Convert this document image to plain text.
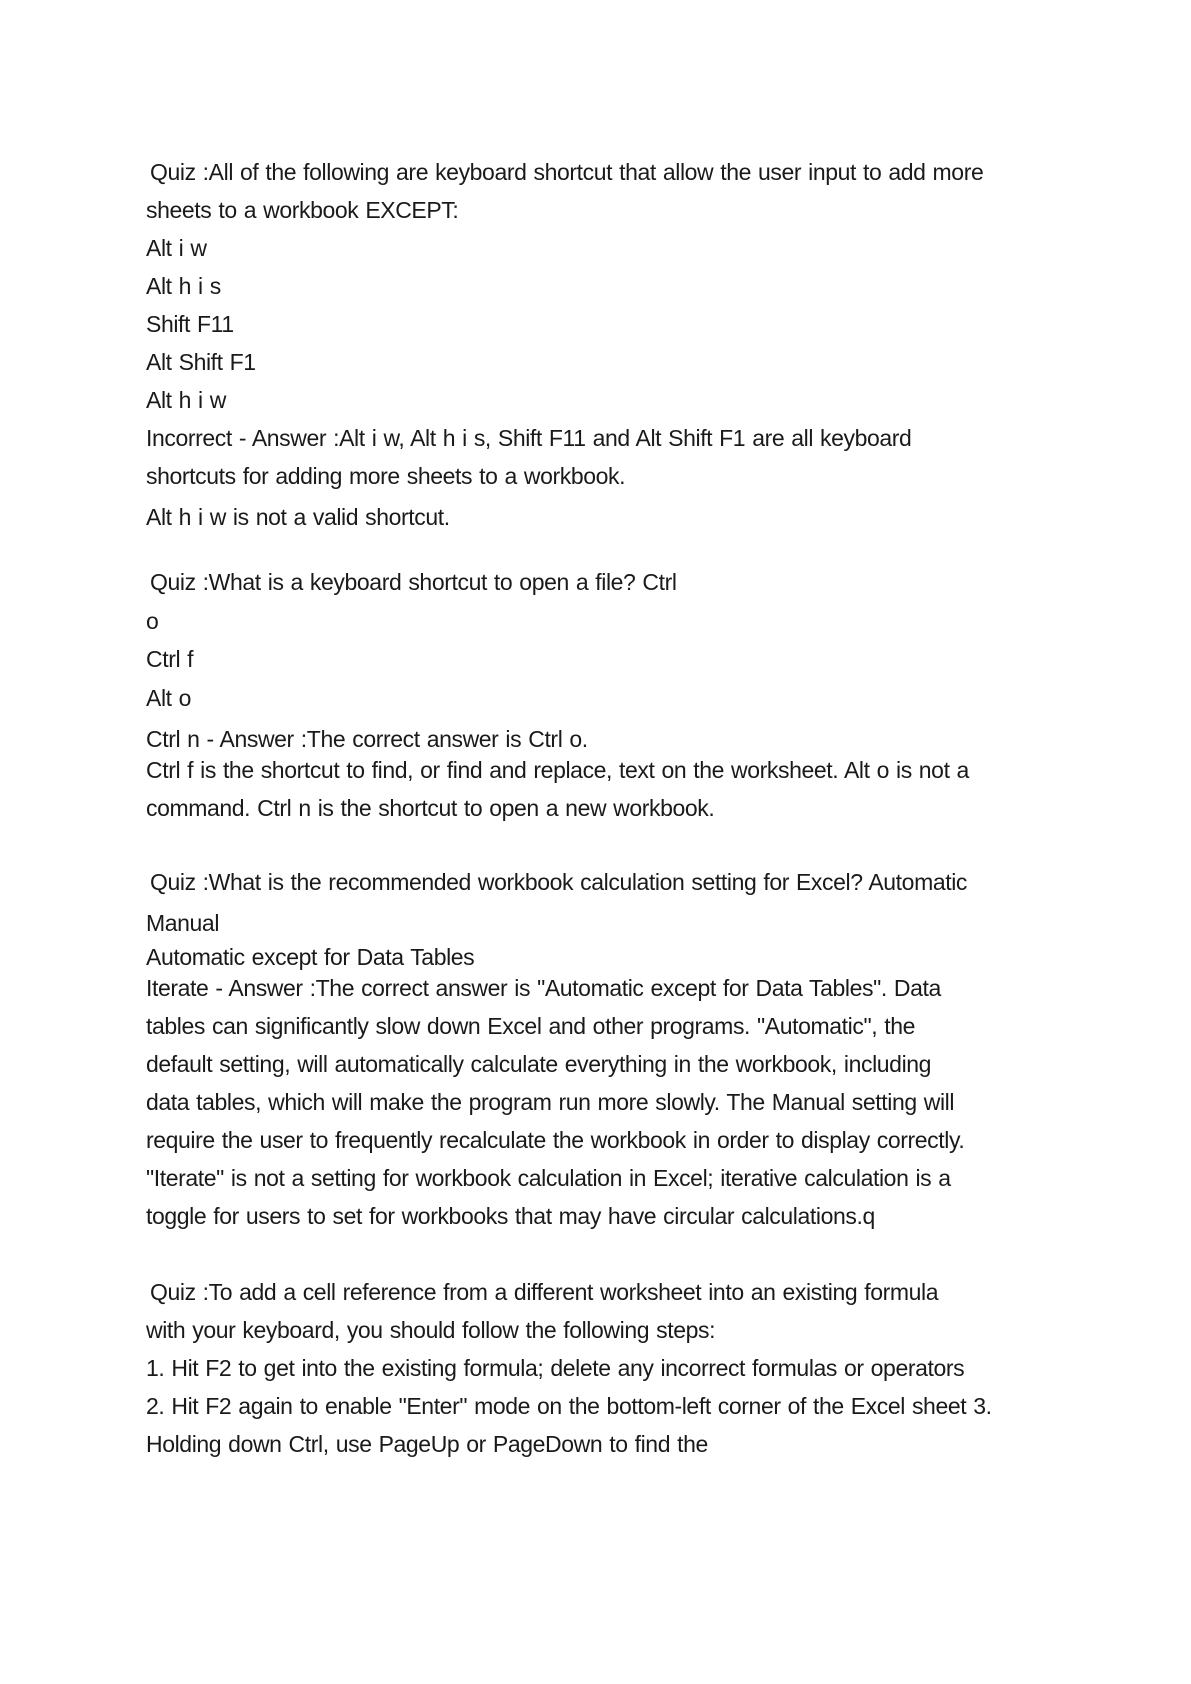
Quiz :All of the following are keyboard shortcut that allow the user input to add more
sheets to a workbook EXCEPT:
Alt i w
Alt h i s
Shift F11
Alt Shift F1
Alt h i w
Incorrect - Answer :Alt i w, Alt h i s, Shift F11 and Alt Shift F1 are all keyboard
shortcuts for adding more sheets to a workbook.
Alt h i w is not a valid shortcut.
Quiz :What is a keyboard shortcut to open a file? Ctrl
o
Ctrl f
Alt o
Ctrl n - Answer :The correct answer is Ctrl o.
Ctrl f is the shortcut to find, or find and replace, text on the worksheet. Alt o is not a
command. Ctrl n is the shortcut to open a new workbook.
Quiz :What is the recommended workbook calculation setting for Excel? Automatic
Manual
Automatic except for Data Tables
Iterate - Answer :The correct answer is "Automatic except for Data Tables". Data
tables can significantly slow down Excel and other programs. "Automatic", the
default setting, will automatically calculate everything in the workbook, including
data tables, which will make the program run more slowly. The Manual setting will
require the user to frequently recalculate the workbook in order to display correctly.
"Iterate" is not a setting for workbook calculation in Excel; iterative calculation is a
toggle for users to set for workbooks that may have circular calculations.q
Quiz :To add a cell reference from a different worksheet into an existing formula
with your keyboard, you should follow the following steps:
1. Hit F2 to get into the existing formula; delete any incorrect formulas or operators
2. Hit F2 again to enable "Enter" mode on the bottom-left corner of the Excel sheet 3.
Holding down Ctrl, use PageUp or PageDown to find the
